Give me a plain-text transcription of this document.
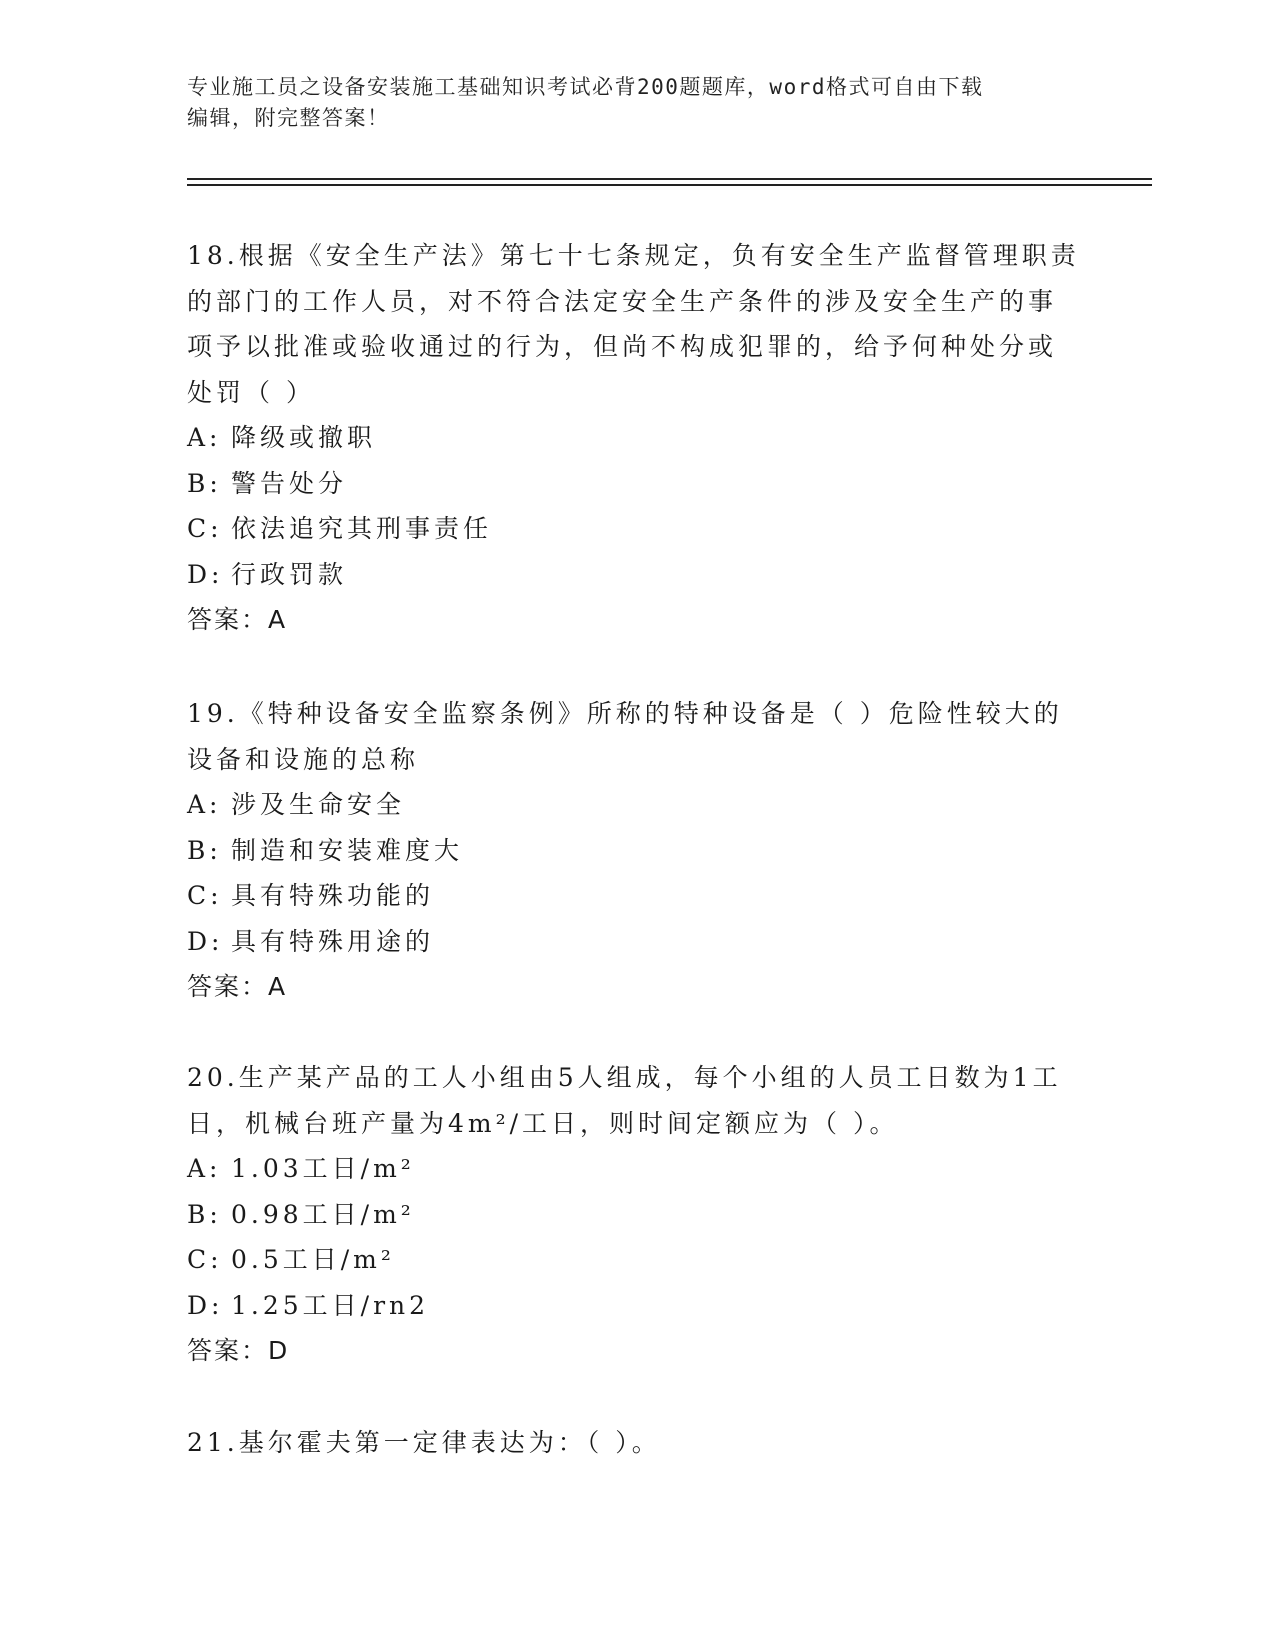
专业施工员之设备安装施工基础知识考试必背200题题库，word格式可自由下载
编辑，附完整答案！
18.根据《安全生产法》第七十七条规定，负有安全生产监督管理职责
的部门的工作人员，对不符合法定安全生产条件的涉及安全生产的事
项予以批准或验收通过的行为，但尚不构成犯罪的，给予何种处分或
处罚（ ）
A: 降级或撤职
B: 警告处分
C: 依法追究其刑事责任
D: 行政罚款
答案：A
19.《特种设备安全监察条例》所称的特种设备是（ ）危险性较大的
设备和设施的总称
A: 涉及生命安全
B: 制造和安装难度大
C: 具有特殊功能的
D: 具有特殊用途的
答案：A
20.生产某产品的工人小组由5人组成，每个小组的人员工日数为1工
日，机械台班产量为4m²/工日，则时间定额应为（ ）。
A: 1.03工日/m²
B: 0.98工日/m²
C: 0.5工日/m²
D: 1.25工日/rn2
答案：D
21.基尔霍夫第一定律表达为：（ ）。
